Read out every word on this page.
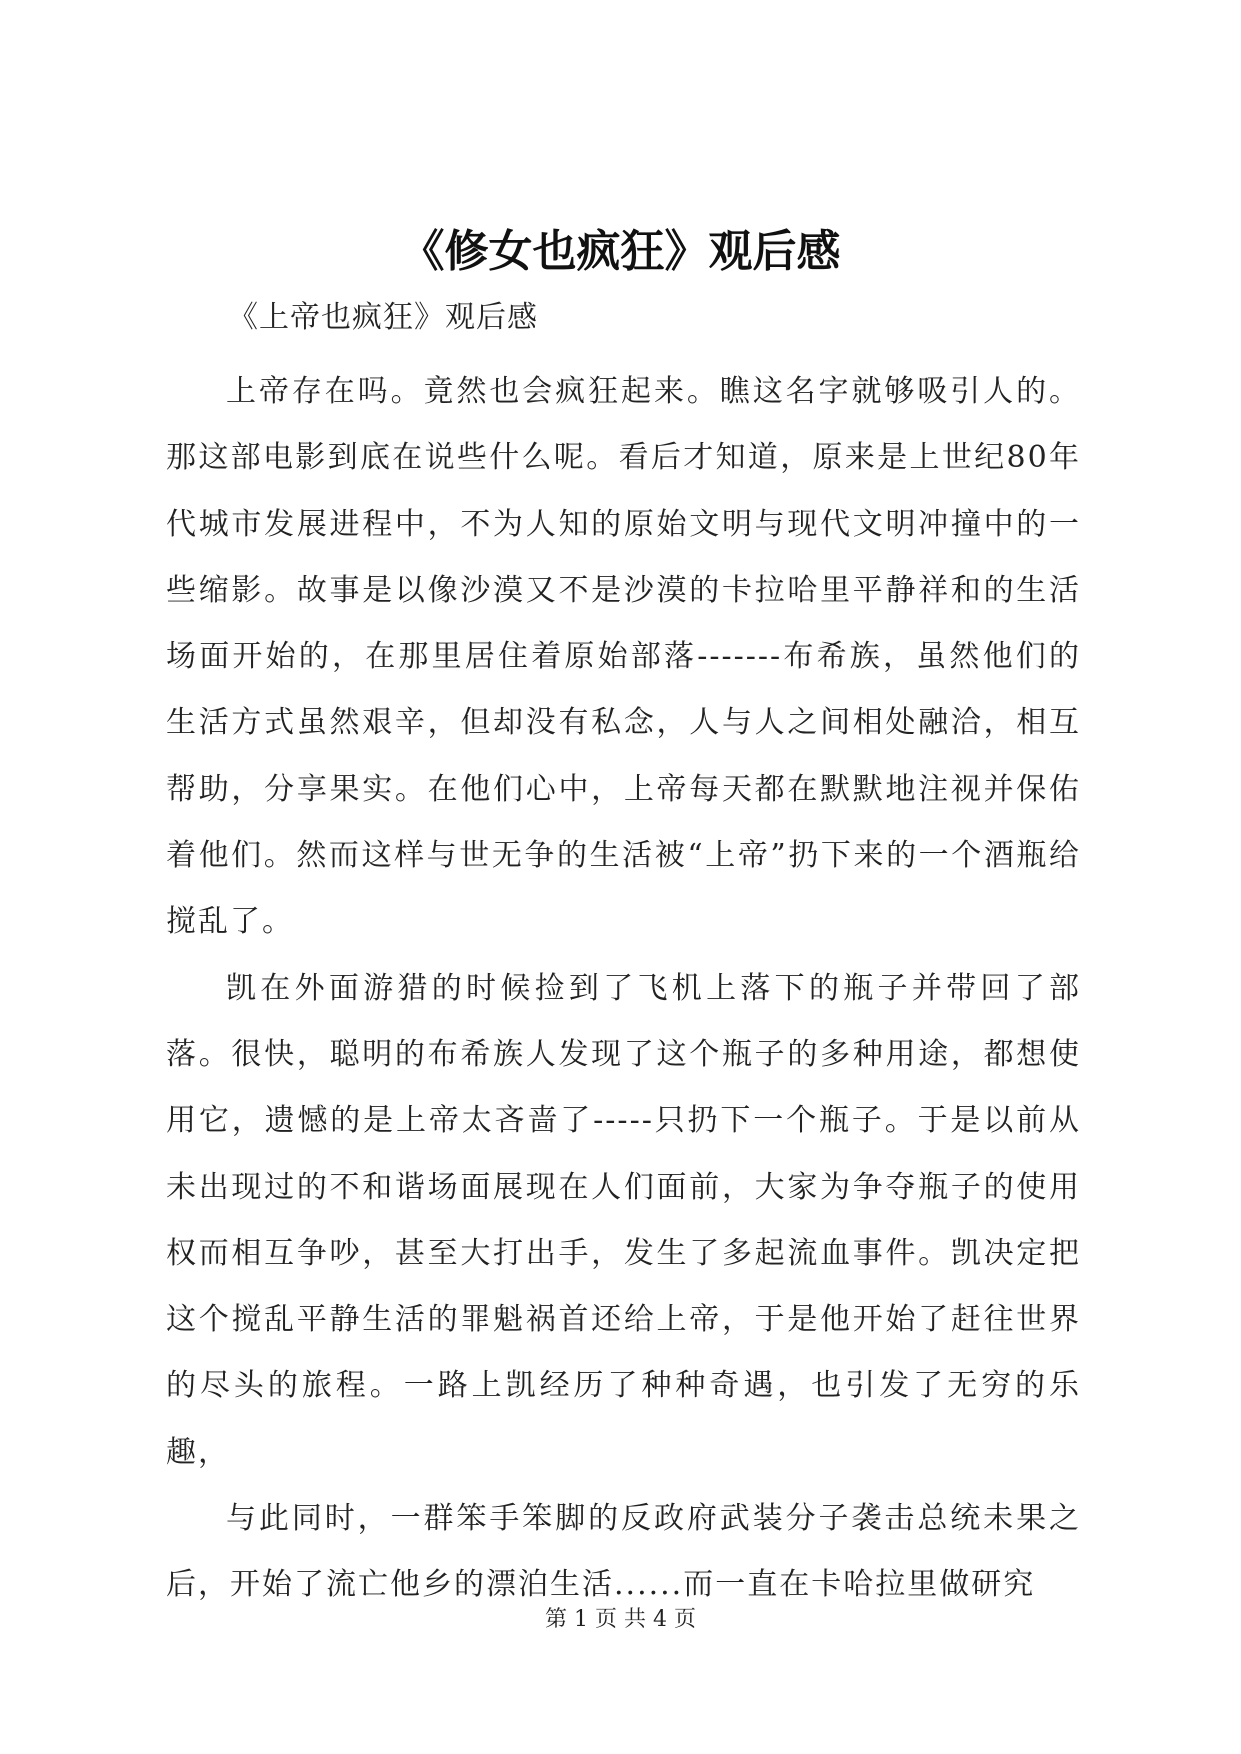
《修女也疯狂》观后感

《上帝也疯狂》观后感

上帝存在吗。竟然也会疯狂起来。瞧这名字就够吸引人的。那这部电影到底在说些什么呢。看后才知道，原来是上世纪80年代城市发展进程中，不为人知的原始文明与现代文明冲撞中的一些缩影。故事是以像沙漠又不是沙漠的卡拉哈里平静祥和的生活场面开始的，在那里居住着原始部落-------布希族，虽然他们的生活方式虽然艰辛，但却没有私念，人与人之间相处融洽，相互帮助，分享果实。在他们心中，上帝每天都在默默地注视并保佑着他们。然而这样与世无争的生活被“上帝”扔下来的一个酒瓶给搅乱了。

凯在外面游猎的时候捡到了飞机上落下的瓶子并带回了部落。很快，聪明的布希族人发现了这个瓶子的多种用途，都想使用它，遗憾的是上帝太吝啬了-----只扔下一个瓶子。于是以前从未出现过的不和谐场面展现在人们面前，大家为争夺瓶子的使用权而相互争吵，甚至大打出手，发生了多起流血事件。凯决定把这个搅乱平静生活的罪魁祸首还给上帝，于是他开始了赶往世界的尽头的旅程。一路上凯经历了种种奇遇，也引发了无穷的乐趣，

与此同时，一群笨手笨脚的反政府武装分子袭击总统未果之后，开始了流亡他乡的漂泊生活......而一直在卡哈拉里做研究

第 1 页 共 4 页
